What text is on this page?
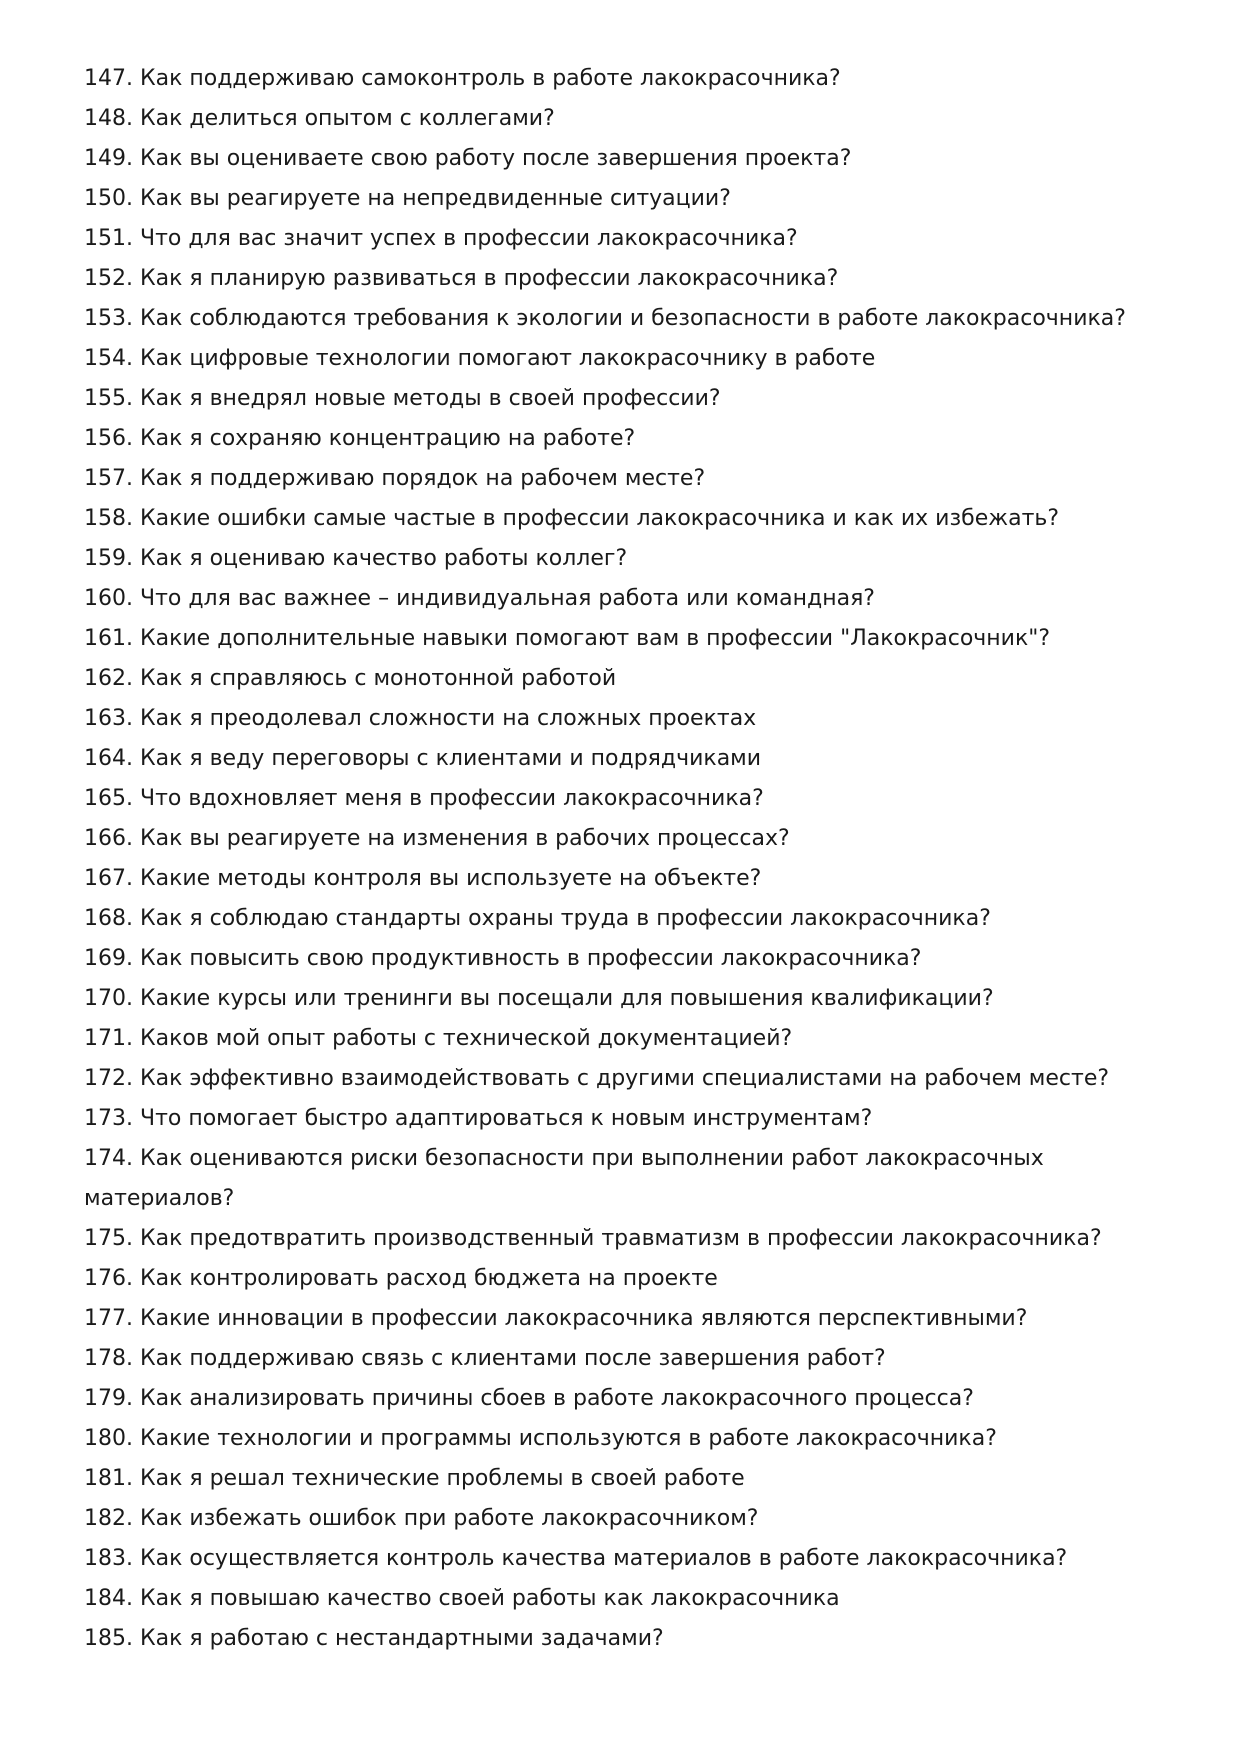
147. Как поддерживаю самоконтроль в работе лакокрасочника?
148. Как делиться опытом с коллегами?
149. Как вы оцениваете свою работу после завершения проекта?
150. Как вы реагируете на непредвиденные ситуации?
151. Что для вас значит успех в профессии лакокрасочника?
152. Как я планирую развиваться в профессии лакокрасочника?
153. Как соблюдаются требования к экологии и безопасности в работе лакокрасочника?
154. Как цифровые технологии помогают лакокрасочнику в работе
155. Как я внедрял новые методы в своей профессии?
156. Как я сохраняю концентрацию на работе?
157. Как я поддерживаю порядок на рабочем месте?
158. Какие ошибки самые частые в профессии лакокрасочника и как их избежать?
159. Как я оцениваю качество работы коллег?
160. Что для вас важнее – индивидуальная работа или командная?
161. Какие дополнительные навыки помогают вам в профессии "Лакокрасочник"?
162. Как я справляюсь с монотонной работой
163. Как я преодолевал сложности на сложных проектах
164. Как я веду переговоры с клиентами и подрядчиками
165. Что вдохновляет меня в профессии лакокрасочника?
166. Как вы реагируете на изменения в рабочих процессах?
167. Какие методы контроля вы используете на объекте?
168. Как я соблюдаю стандарты охраны труда в профессии лакокрасочника?
169. Как повысить свою продуктивность в профессии лакокрасочника?
170. Какие курсы или тренинги вы посещали для повышения квалификации?
171. Каков мой опыт работы с технической документацией?
172. Как эффективно взаимодействовать с другими специалистами на рабочем месте?
173. Что помогает быстро адаптироваться к новым инструментам?
174. Как оцениваются риски безопасности при выполнении работ лакокрасочных материалов?
175. Как предотвратить производственный травматизм в профессии лакокрасочника?
176. Как контролировать расход бюджета на проекте
177. Какие инновации в профессии лакокрасочника являются перспективными?
178. Как поддерживаю связь с клиентами после завершения работ?
179. Как анализировать причины сбоев в работе лакокрасочного процесса?
180. Какие технологии и программы используются в работе лакокрасочника?
181. Как я решал технические проблемы в своей работе
182. Как избежать ошибок при работе лакокрасочником?
183. Как осуществляется контроль качества материалов в работе лакокрасочника?
184. Как я повышаю качество своей работы как лакокрасочника
185. Как я работаю с нестандартными задачами?
